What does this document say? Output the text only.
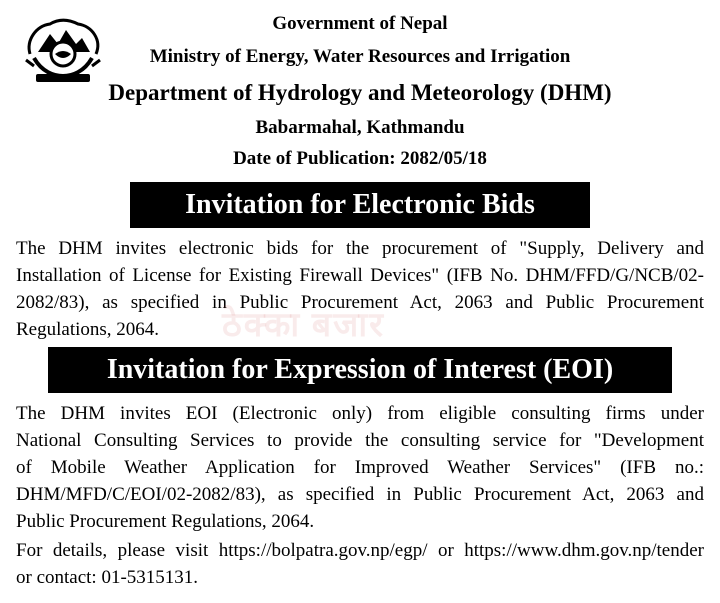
Government of Nepal
Ministry of Energy, Water Resources and Irrigation
Department of Hydrology and Meteorology (DHM)
Babarmahal, Kathmandu
Date of Publication: 2082/05/18
Invitation for Electronic Bids
The DHM invites electronic bids for the procurement of "Supply, Delivery and
Installation of License for Existing Firewall Devices" (IFB No. DHM/FFD/G/NCB/02-
2082/83), as specified in Public Procurement Act, 2063 and Public Procurement
Regulations, 2064.	ठेक्का बजार
Invitation for Expression of Interest (EOI)
The DHM invites EOI (Electronic only) from eligible consulting firms under
National Consulting Services to provide the consulting service for "Development
of Mobile Weather Application for Improved Weather Services" (IFB no.:
DHM/MFD/C/EOI/02-2082/83), as specified in Public Procurement Act, 2063 and
Public Procurement Regulations, 2064.
For details, please visit https://bolpatra.gov.np/egp/ or https://www.dhm.gov.np/tender
or contact: 01-5315131.
